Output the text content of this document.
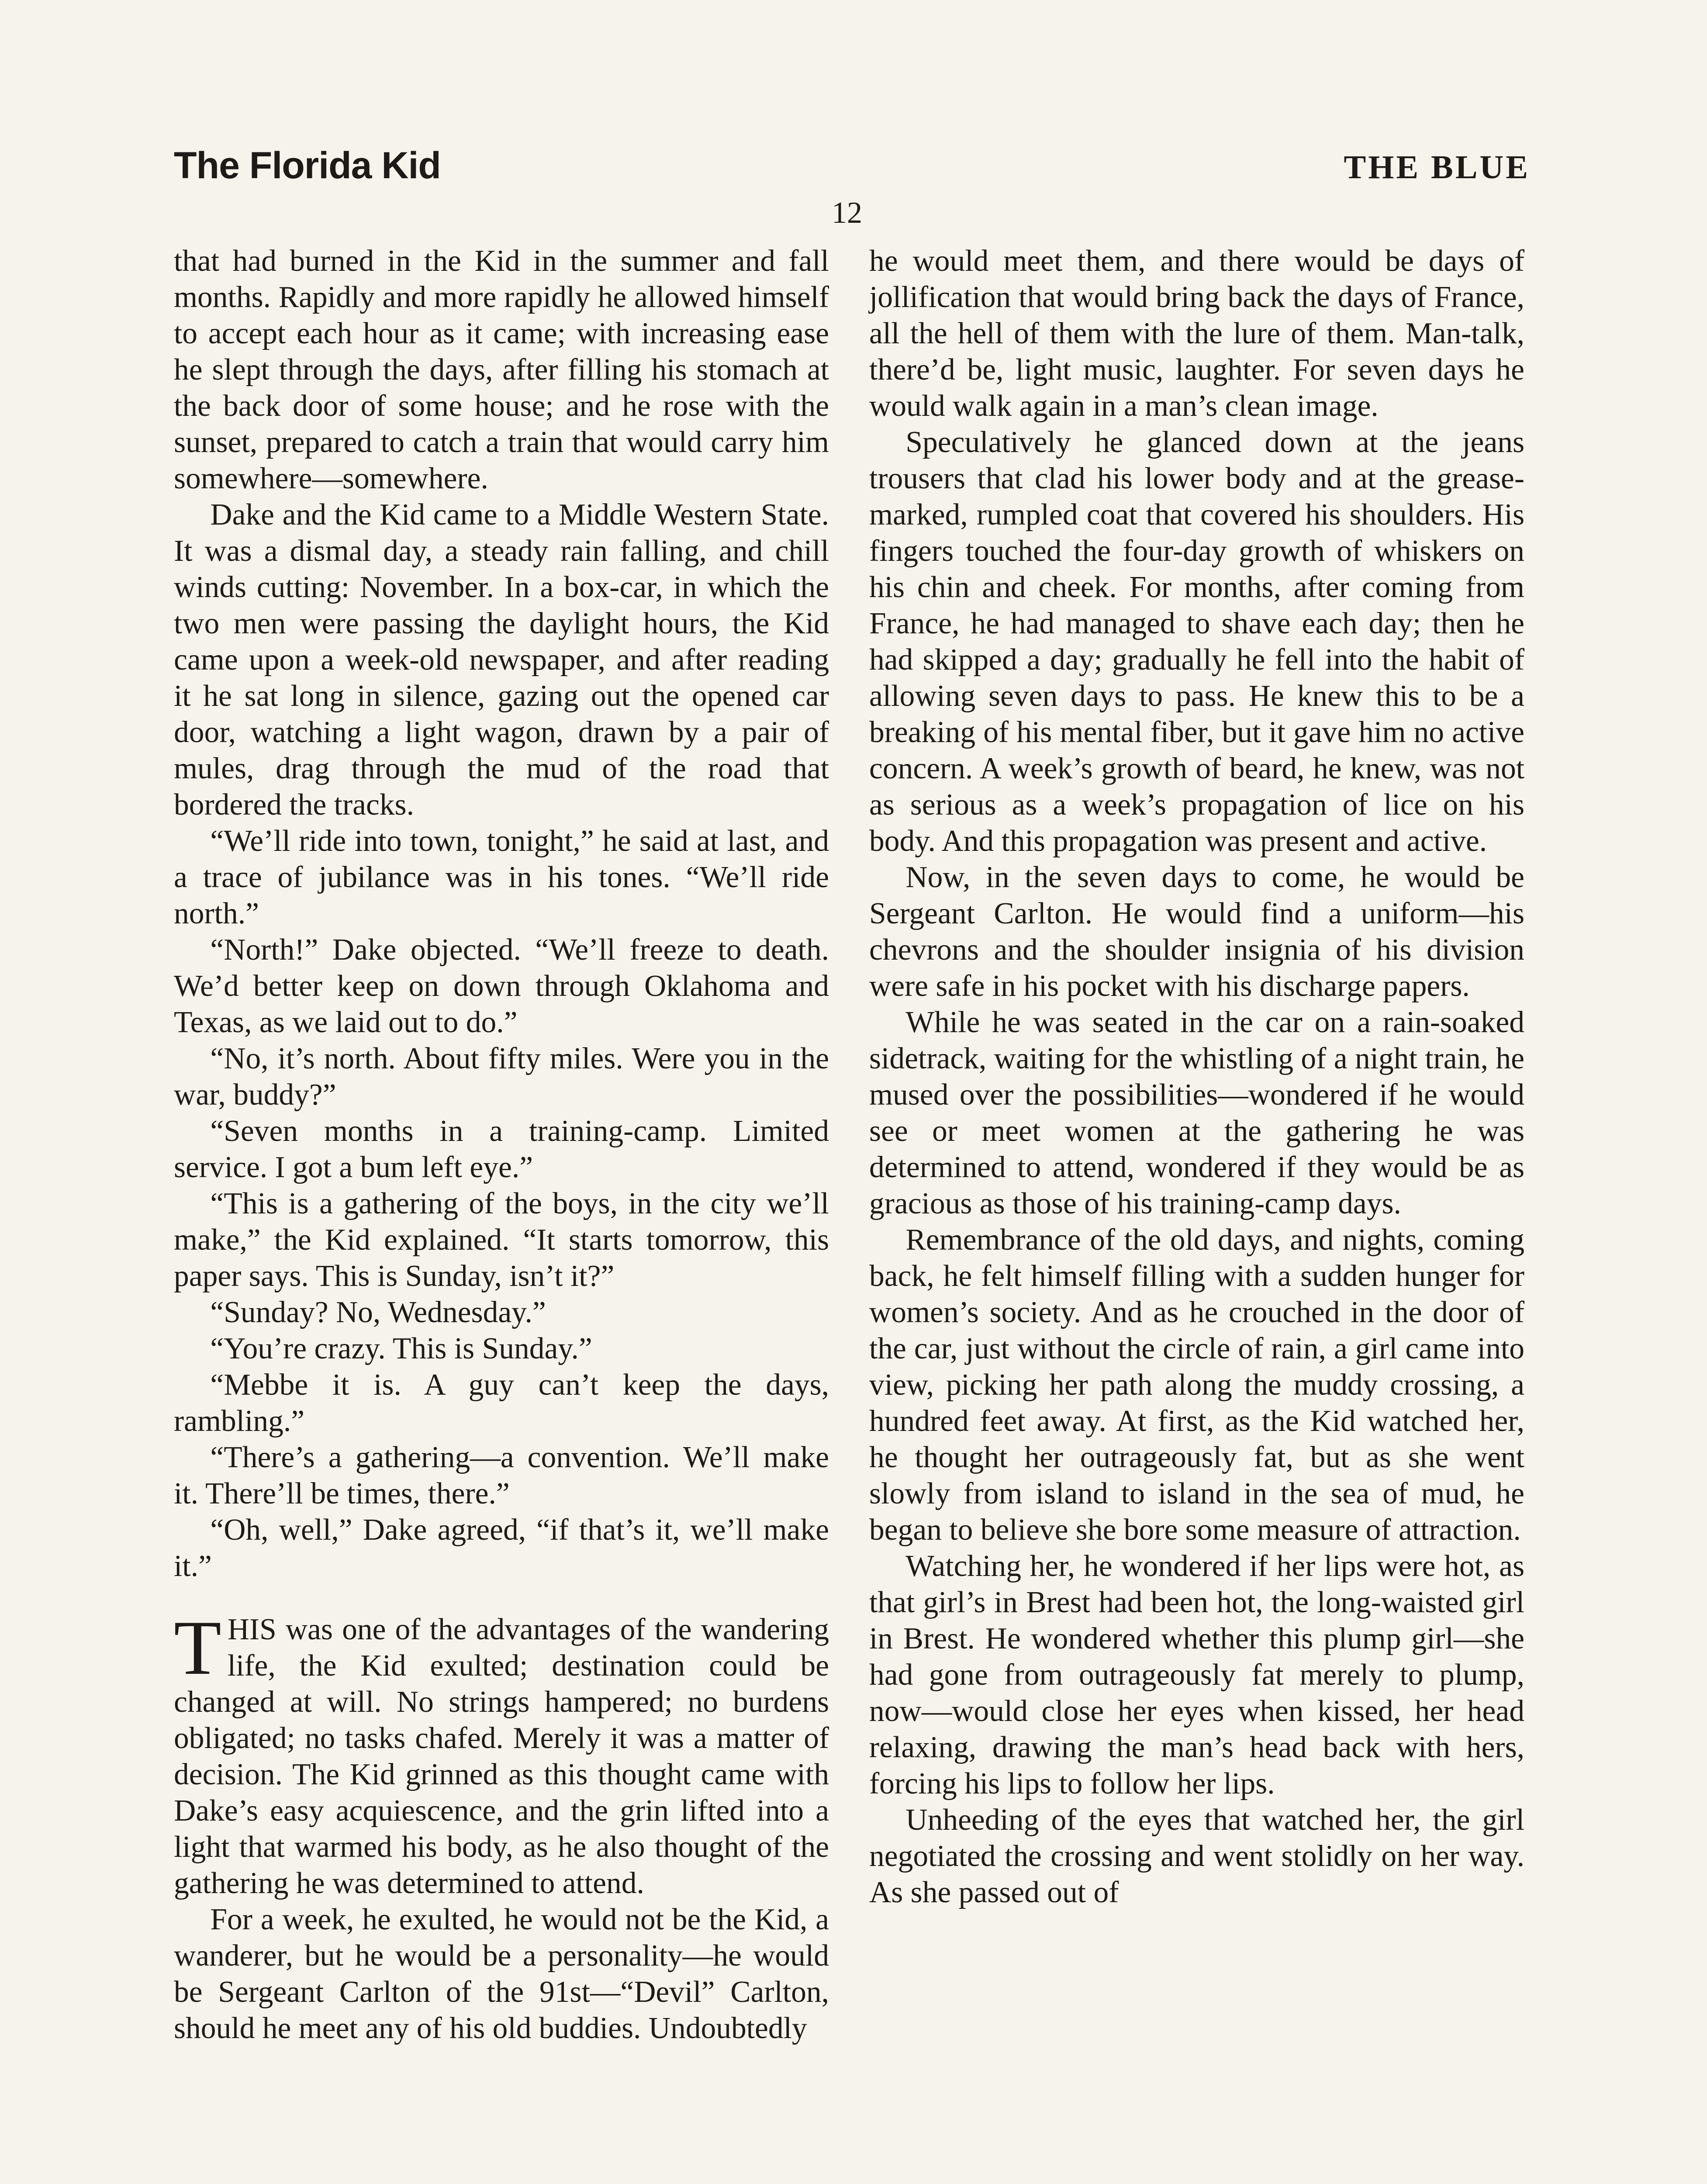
The Florida Kid	THE BLUE
12

that had burned in the Kid in the summer and fall months. Rapidly and more rapidly he allowed himself to accept each hour as it came; with increasing ease he slept through the days, after filling his stomach at the back door of some house; and he rose with the sunset, prepared to catch a train that would carry him somewhere—somewhere.

Dake and the Kid came to a Middle Western State. It was a dismal day, a steady rain falling, and chill winds cutting: November. In a box-car, in which the two men were passing the daylight hours, the Kid came upon a week-old newspaper, and after reading it he sat long in silence, gazing out the opened car door, watching a light wagon, drawn by a pair of mules, drag through the mud of the road that bordered the tracks.

“We’ll ride into town, tonight,” he said at last, and a trace of jubilance was in his tones. “We’ll ride north.”

“North!” Dake objected. “We’ll freeze to death. We’d better keep on down through Oklahoma and Texas, as we laid out to do.”

“No, it’s north. About fifty miles. Were you in the war, buddy?”

“Seven months in a training-camp. Limited service. I got a bum left eye.”

“This is a gathering of the boys, in the city we’ll make,” the Kid explained. “It starts tomorrow, this paper says. This is Sunday, isn’t it?”

“Sunday? No, Wednesday.”

“You’re crazy. This is Sunday.”

“Mebbe it is. A guy can’t keep the days, rambling.”

“There’s a gathering—a convention. We’ll make it. There’ll be times, there.”

“Oh, well,” Dake agreed, “if that’s it, we’ll make it.”

THIS was one of the advantages of the wandering life, the Kid exulted; destination could be changed at will. No strings hampered; no burdens obligated; no tasks chafed. Merely it was a matter of decision. The Kid grinned as this thought came with Dake’s easy acquiescence, and the grin lifted into a light that warmed his body, as he also thought of the gathering he was determined to attend.

For a week, he exulted, he would not be the Kid, a wanderer, but he would be a personality—he would be Sergeant Carlton of the 91st—“Devil” Carlton, should he meet any of his old buddies. Undoubtedly

he would meet them, and there would be days of jollification that would bring back the days of France, all the hell of them with the lure of them. Man-talk, there’d be, light music, laughter. For seven days he would walk again in a man’s clean image.

Speculatively he glanced down at the jeans trousers that clad his lower body and at the grease-marked, rumpled coat that covered his shoulders. His fingers touched the four-day growth of whiskers on his chin and cheek. For months, after coming from France, he had managed to shave each day; then he had skipped a day; gradually he fell into the habit of allowing seven days to pass. He knew this to be a breaking of his mental fiber, but it gave him no active concern. A week’s growth of beard, he knew, was not as serious as a week’s propagation of lice on his body. And this propagation was present and active.

Now, in the seven days to come, he would be Sergeant Carlton. He would find a uniform—his chevrons and the shoulder insignia of his division were safe in his pocket with his discharge papers.

While he was seated in the car on a rain-soaked sidetrack, waiting for the whistling of a night train, he mused over the possibilities—wondered if he would see or meet women at the gathering he was determined to attend, wondered if they would be as gracious as those of his training-camp days.

Remembrance of the old days, and nights, coming back, he felt himself filling with a sudden hunger for women’s society. And as he crouched in the door of the car, just without the circle of rain, a girl came into view, picking her path along the muddy crossing, a hundred feet away. At first, as the Kid watched her, he thought her outrageously fat, but as she went slowly from island to island in the sea of mud, he began to believe she bore some measure of attraction.

Watching her, he wondered if her lips were hot, as that girl’s in Brest had been hot, the long-waisted girl in Brest. He wondered whether this plump girl—she had gone from outrageously fat merely to plump, now—would close her eyes when kissed, her head relaxing, drawing the man’s head back with hers, forcing his lips to follow her lips.

Unheeding of the eyes that watched her, the girl negotiated the crossing and went stolidly on her way. As she passed out of
